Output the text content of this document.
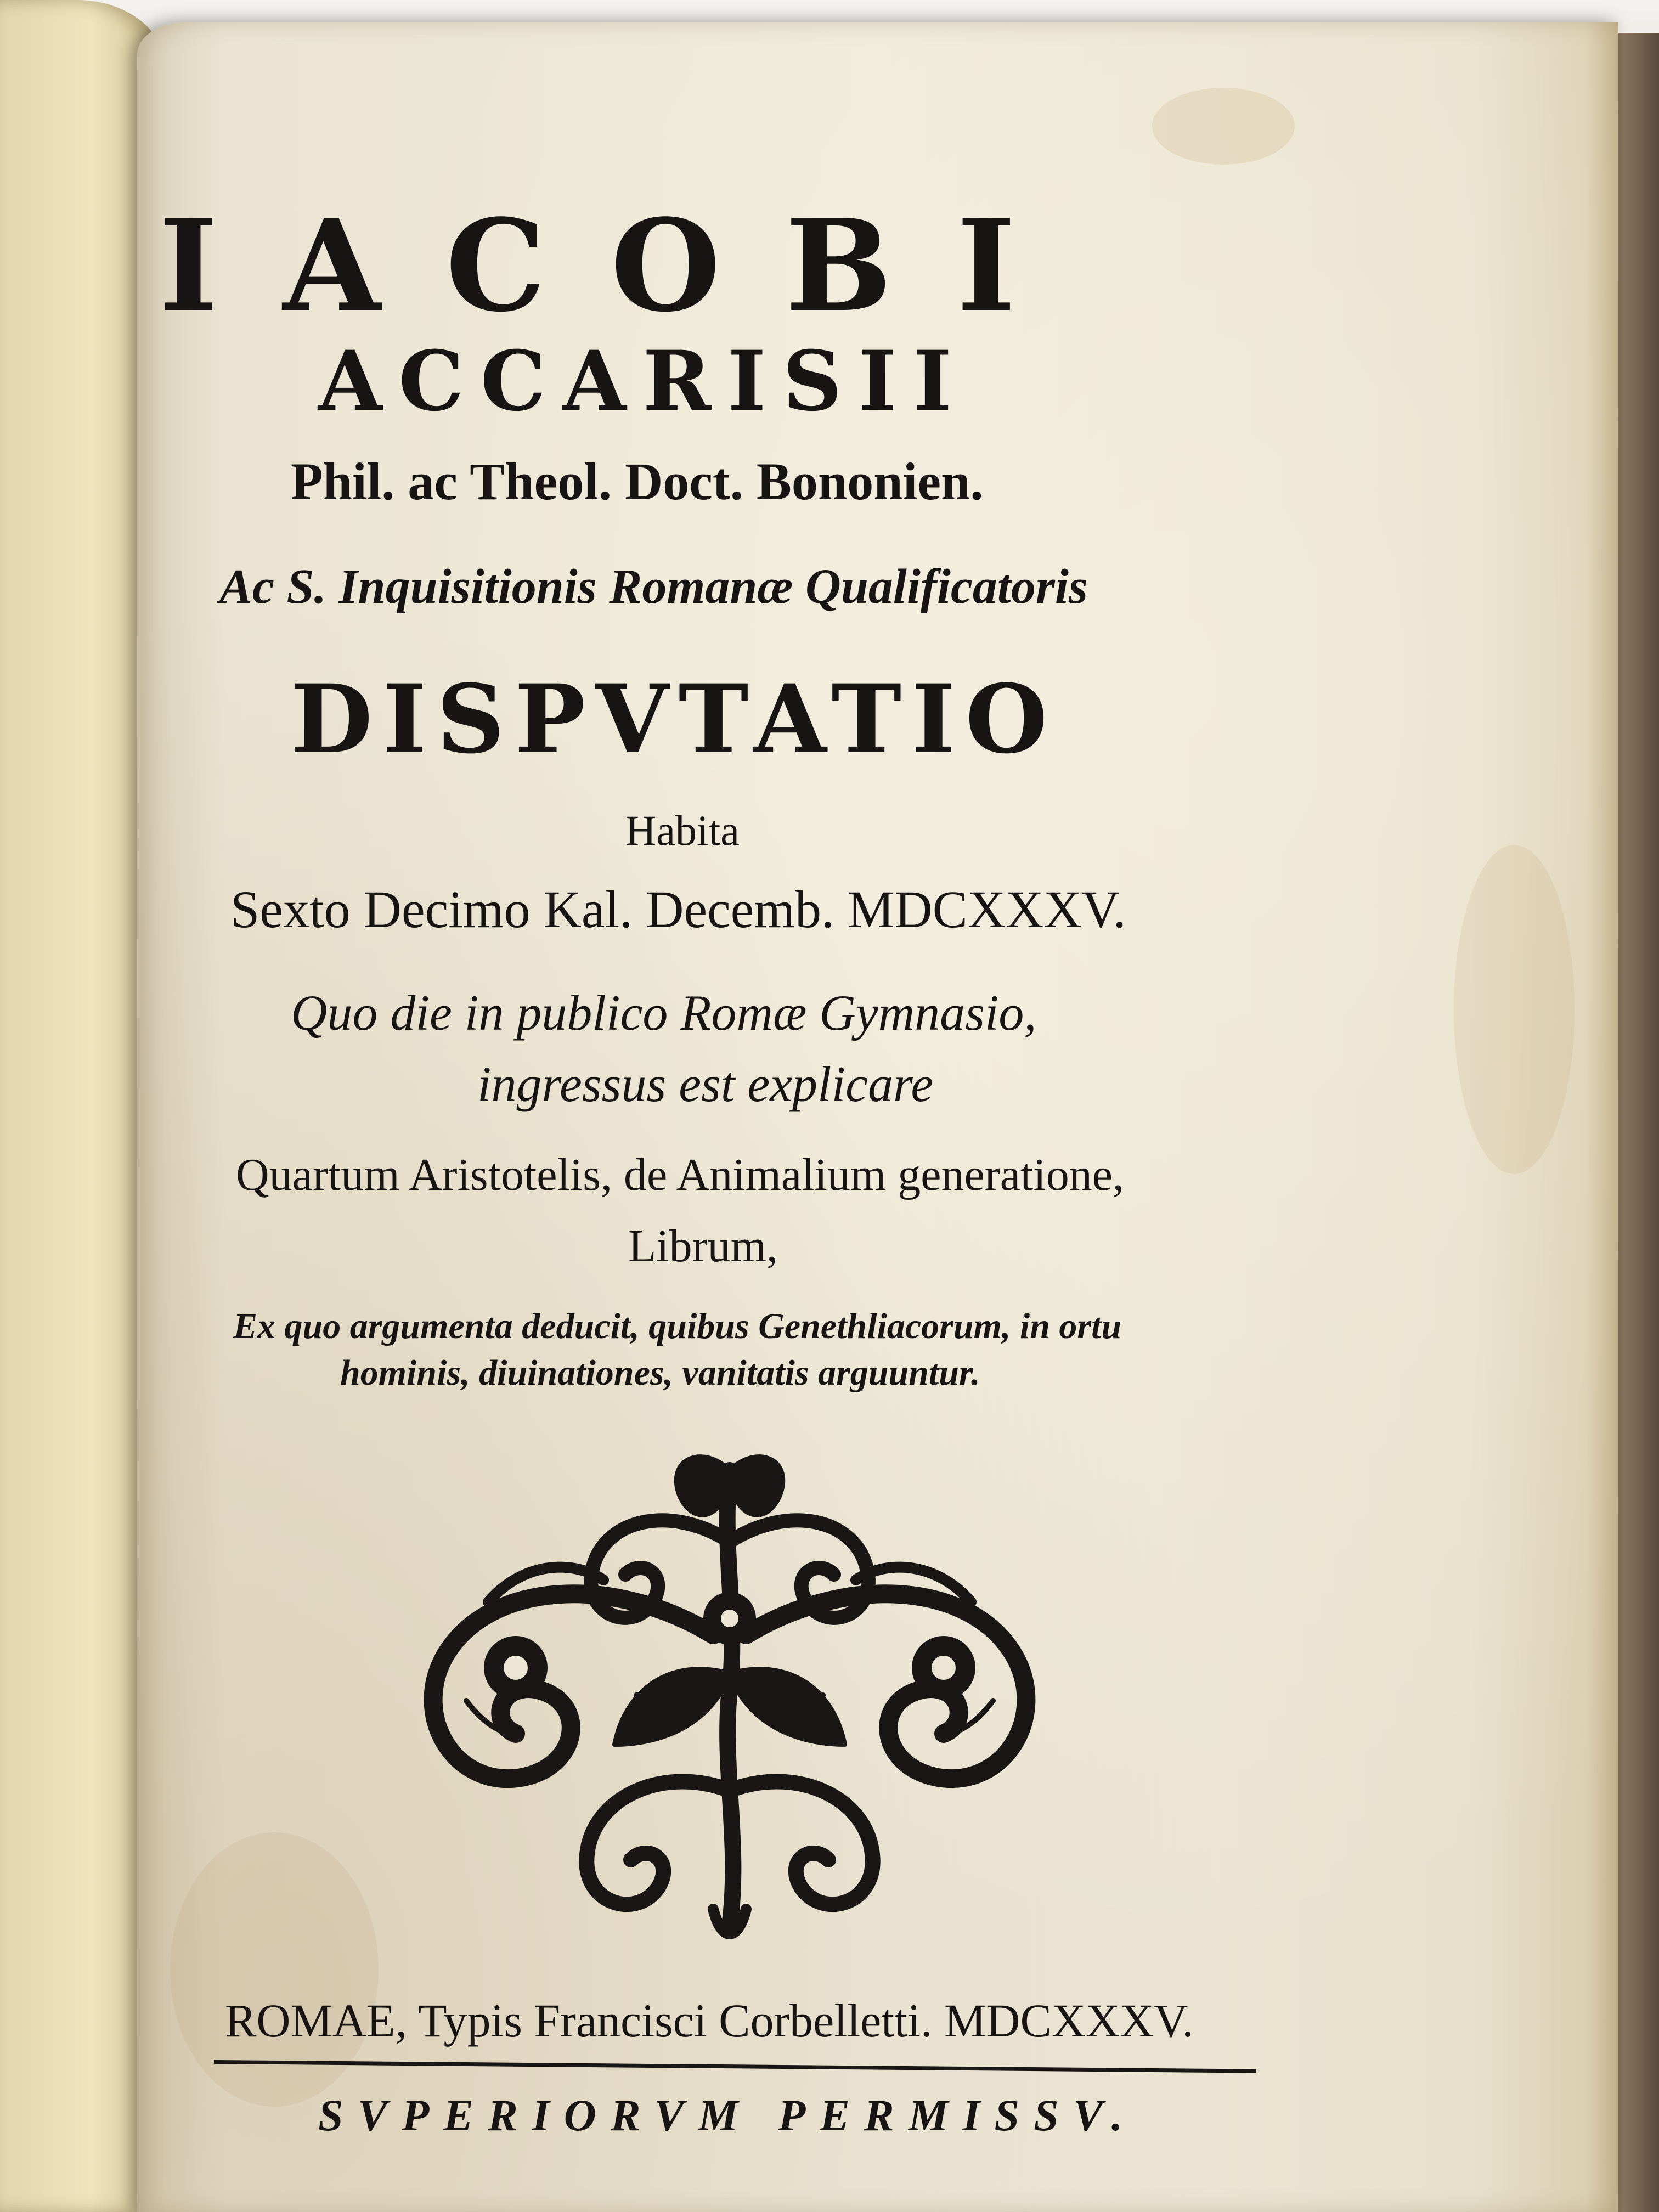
IACOBI
ACCARISII
Phil. ac Theol. Doct. Bononien.
Ac S. Inquisitionis Romanæ Qualificatoris
DISPVTATIO
Habita
Sexto Decimo Kal. Decemb. MDCXXXV.
Quo die in publico Romæ Gymnasio,
ingressus est explicare
Quartum Aristotelis, de Animalium generatione,
Librum,
Ex quo argumenta deducit, quibus Genethliacorum, in ortu
hominis, diuinationes, vanitatis arguuntur.
ROMAE, Typis Francisci Corbelletti. MDCXXXV.
SVPERIORVM PERMISSV.
